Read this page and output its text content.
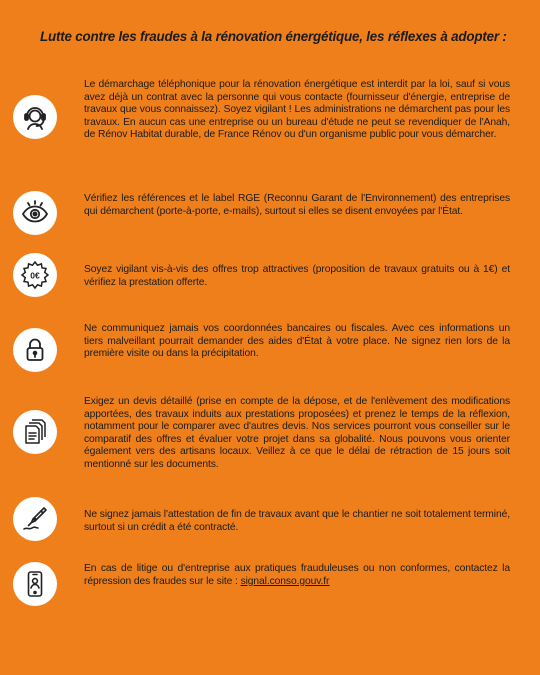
Lutte contre les fraudes à la rénovation énergétique, les réflexes à adopter :
Le démarchage téléphonique pour la rénovation énergétique est interdit par la loi, sauf si vous avez déjà un contrat avec la personne qui vous contacte (fournisseur d'énergie, entreprise de travaux que vous connaissez). Soyez vigilant ! Les administrations ne démarchent pas pour les travaux. En aucun cas une entreprise ou un bureau d'étude ne peut se revendiquer de l'Anah, de Rénov Habitat durable, de France Rénov ou d'un organisme public pour vous démarcher.
Vérifiez les références et le label RGE (Reconnu Garant de l'Environnement) des entreprises qui démarchent (porte-à-porte, e-mails), surtout si elles se disent envoyées par l'État.
0€
Soyez vigilant vis-à-vis des offres trop attractives (proposition de travaux gratuits ou à 1€) et vérifiez la prestation offerte.
Ne communiquez jamais vos coordonnées bancaires ou fiscales. Avec ces informations un tiers malveillant pourrait demander des aides d'État à votre place. Ne signez rien lors de la première visite ou dans la précipitation.
Exigez un devis détaillé (prise en compte de la dépose, et de l'enlèvement des modifications apportées, des travaux induits aux prestations proposées) et prenez le temps de la réflexion, notamment pour le comparer avec d'autres devis. Nos services pourront vous conseiller sur le comparatif des offres et évaluer votre projet dans sa globalité. Nous pouvons vous orienter également vers des artisans locaux. Veillez à ce que le délai de rétraction de 15 jours soit mentionné sur les documents.
Ne signez jamais l'attestation de fin de travaux avant que le chantier ne soit totalement terminé, surtout si un crédit a été contracté.
En cas de litige ou d'entreprise aux pratiques frauduleuses ou non conformes, contactez la répression des fraudes sur le site : signal.conso.gouv.fr
